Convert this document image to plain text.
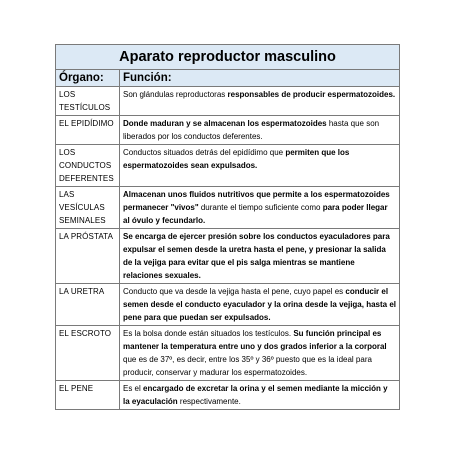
Aparato reproductor masculino	
Órgano:	Función:
LOS TESTÍCULOS	Son glándulas reproductoras responsables de producir espermatozoides.
EL EPIDÍDIMO	Donde maduran y se almacenan los espermatozoides hasta que son liberados por los conductos deferentes.
LOS CONDUCTOS DEFERENTES	Conductos situados detrás del epidídimo que permiten que los espermatozoides sean expulsados.
LAS VESÍCULAS SEMINALES	Almacenan unos fluidos nutritivos que permite a los espermatozoides permanecer "vivos" durante el tiempo suficiente como para poder llegar al óvulo y fecundarlo.
LA PRÓSTATA	Se encarga de ejercer presión sobre los conductos eyaculadores para expulsar el semen desde la uretra hasta el pene, y presionar la salida de la vejiga para evitar que el pis salga mientras se mantiene relaciones sexuales.
LA URETRA	Conducto que va desde la vejiga hasta el pene, cuyo papel es conducir el semen desde el conducto eyaculador y la orina desde la vejiga, hasta el pene para que puedan ser expulsados.
EL ESCROTO	Es la bolsa donde están situados los testículos. Su función principal es mantener la temperatura entre uno y dos grados inferior a la corporal que es de 37º, es decir, entre los 35º y 36º puesto que es la ideal para producir, conservar y madurar los espermatozoides.
EL PENE	Es el encargado de excretar la orina y el semen mediante la micción y la eyaculación respectivamente.
